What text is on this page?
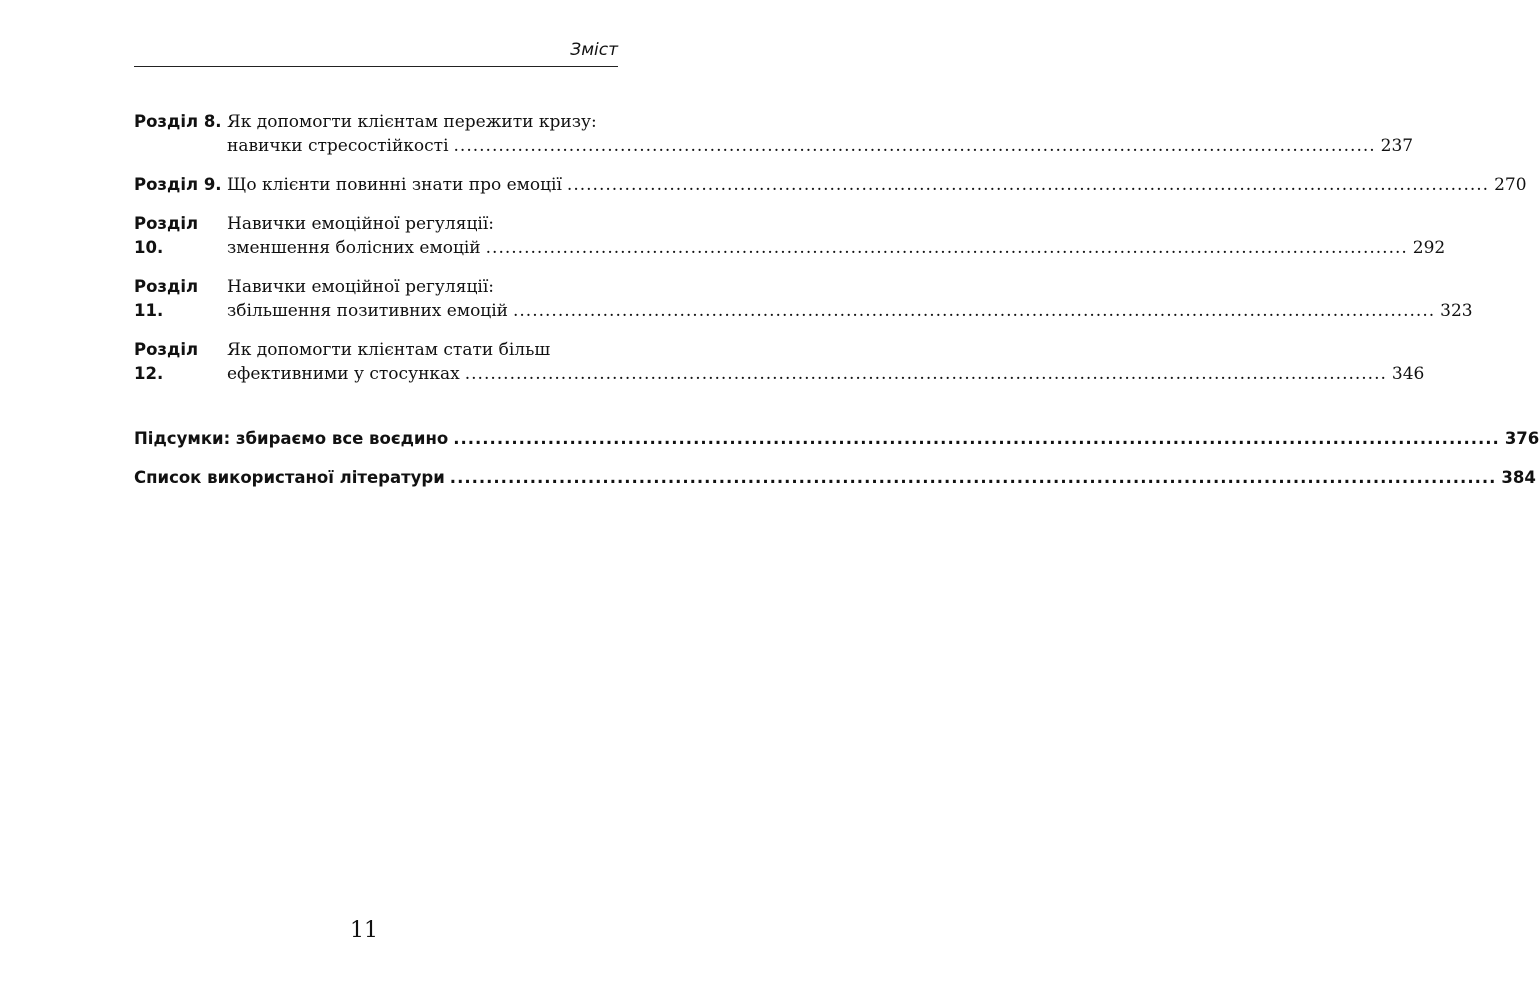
Зміст
Розділ 8. Як допомогти клієнтам пережити кризу:
навички стресостійкості .....	237
Розділ 9. Що клієнти повинні знати про емоції .....	270
Розділ 10.
Навички емоційної регуляції:
зменшення болісних емоцій .....	292
Розділ 11.
Навички емоційної регуляції:
збільшення позитивних емоцій .....	323
Розділ 12.
Як допомогти клієнтам стати більш
ефективними у стосунках .....	346
Підсумки: збираємо все воєдино .....	376
Список використаної літератури .....	384
11
